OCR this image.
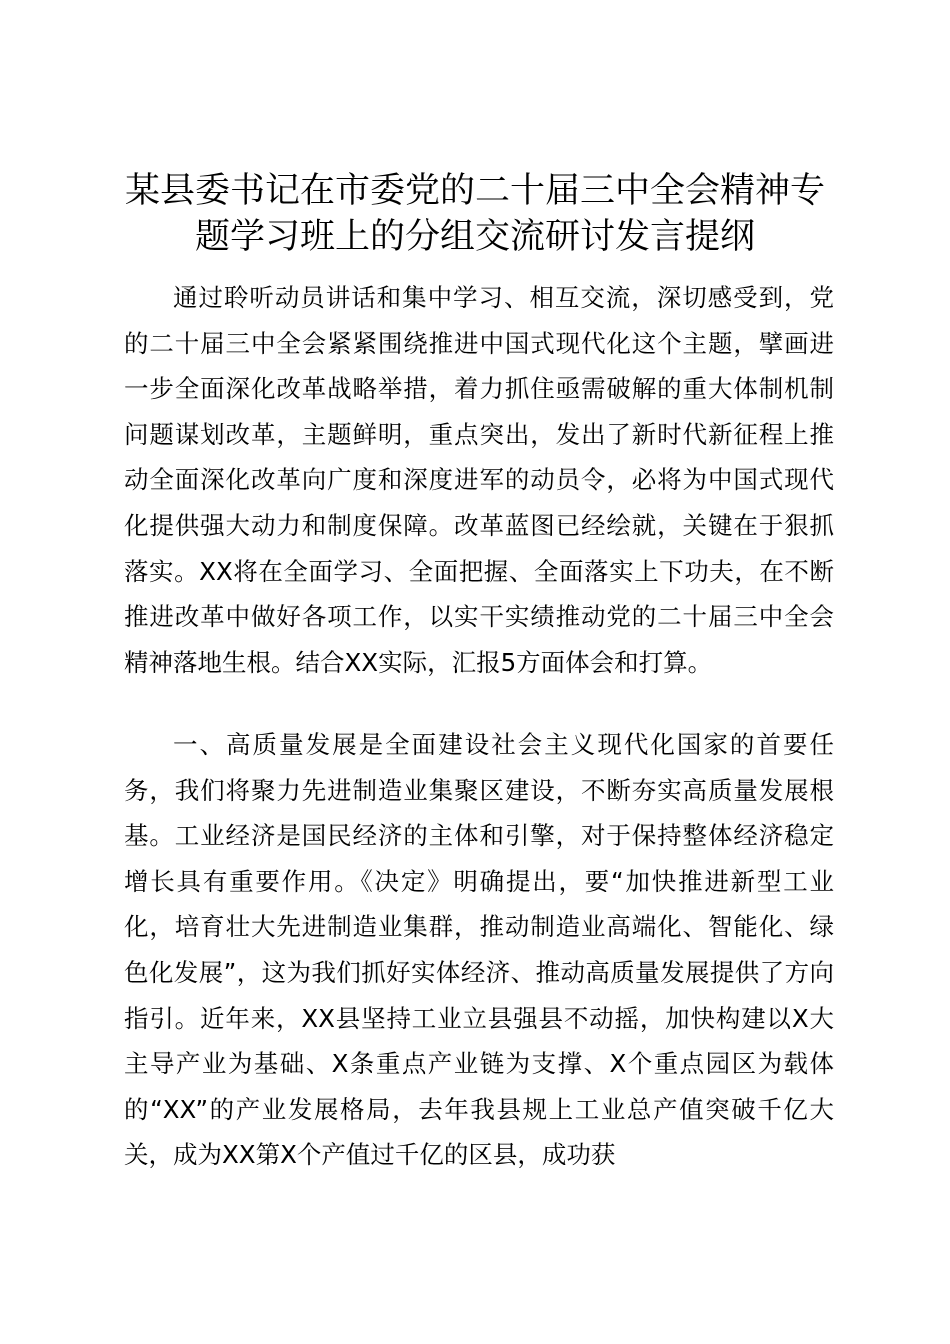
某县委书记在市委党的二十届三中全会精神专题学习班上的分组交流研讨发言提纲

通过聆听动员讲话和集中学习、相互交流，深切感受到，党的二十届三中全会紧紧围绕推进中国式现代化这个主题，擘画进一步全面深化改革战略举措，着力抓住亟需破解的重大体制机制问题谋划改革，主题鲜明，重点突出，发出了新时代新征程上推动全面深化改革向广度和深度进军的动员令，必将为中国式现代化提供强大动力和制度保障。改革蓝图已经绘就，关键在于狠抓落实。XX将在全面学习、全面把握、全面落实上下功夫，在不断推进改革中做好各项工作，以实干实绩推动党的二十届三中全会精神落地生根。结合XX实际，汇报5方面体会和打算。

一、高质量发展是全面建设社会主义现代化国家的首要任务，我们将聚力先进制造业集聚区建设，不断夯实高质量发展根基。工业经济是国民经济的主体和引擎，对于保持整体经济稳定增长具有重要作用。《决定》明确提出，要“加快推进新型工业化，培育壮大先进制造业集群，推动制造业高端化、智能化、绿色化发展”，这为我们抓好实体经济、推动高质量发展提供了方向指引。近年来，XX县坚持工业立县强县不动摇，加快构建以X大主导产业为基础、X条重点产业链为支撑、X个重点园区为载体的“XX”的产业发展格局，去年我县规上工业总产值突破千亿大关，成为XX第X个产值过千亿的区县，成功获
